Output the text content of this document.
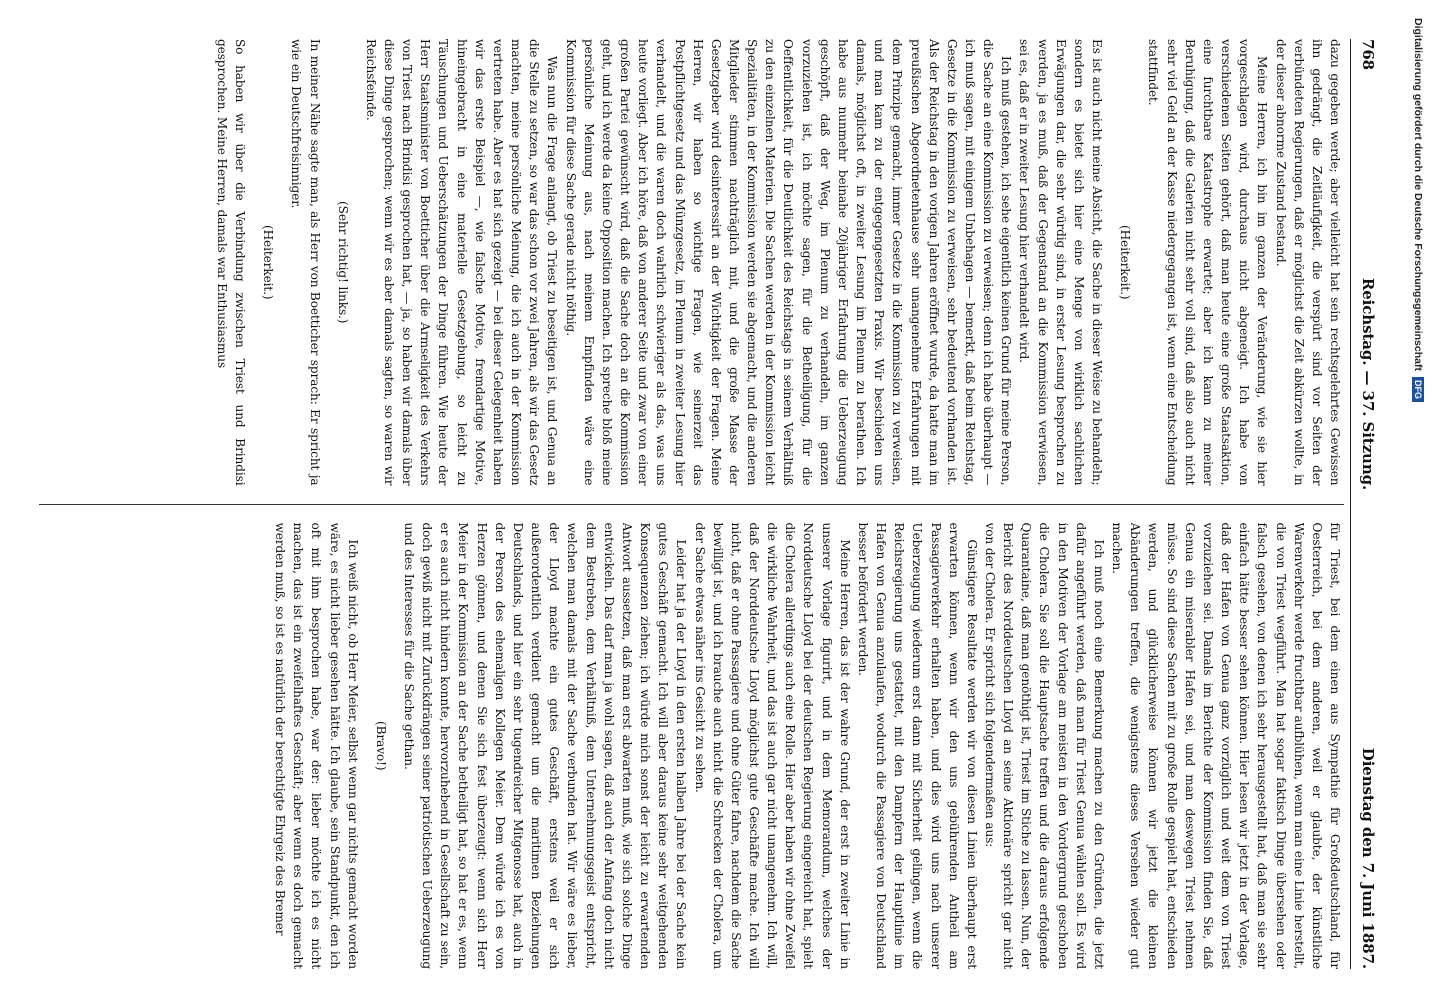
768
Reichstag. — 37. Sitzung.
Dienstag den 7. Juni 1887.

dazu gegeben werde; aber vielleicht hat sein rechtsgelehrtes Gewissen ihn gedrängt, die Zeitläufigkeit, die verspürt sind vor Seiten der verbündeten Regierungen, daß er möglichst die Zeit abkürzen wollte, in der dieser abnorme Zustand bestand.

Meine Herren, ich bin im ganzen der Veränderung, wie sie hier vorgeschlagen wird, durchaus nicht abgeneigt. Ich habe von verschiedenen Seiten gehört, daß man heute eine große Staatsaktion, eine furchtbare Katastrophe erwartet; aber ich kann zu meiner Beruhigung, daß die Galerien nicht sehr voll sind, daß also auch nicht sehr viel Geld an der Kasse niedergegangen ist, wenn eine Entscheidung stattfindet.

(Heiterkeit.)

Es ist auch nicht meine Absicht, die Sache in dieser Weise zu behandeln; sondern es bietet sich hier eine Menge von wirklich sachlichen Erwägungen dar, die sehr würdig sind, in erster Lesung besprochen zu werden, ja es muß, daß der Gegenstand an die Kommission verwiesen, sei es, daß er in zweiter Lesung hier verhandelt wird.

Ich muß gestehen, ich sehe eigentlich keinen Grund für meine Person, die Sache an eine Kommission zu verweisen; denn ich habe überhaupt — ich muß sagen, mit einigem Unbehagen — bemerkt, daß beim Reichstag, Gesetze in die Kommission zu verweisen, sehr bedeutend vorhanden ist. Als der Reichstag in den vorigen Jahren eröffnet wurde, da hatte man im preußischen Abgeordnetenhause sehr unangenehme Erfahrungen mit dem Prinzipe gemacht, immer Gesetze in die Kommission zu verweisen, und man kam zu der entgegengesetzten Praxis. Wir beschieden uns damals, möglichst oft, in zweiter Lesung im Plenum zu berathen. Ich habe aus nunmehr beinahe 20jähriger Erfahrung die Ueberzeugung geschöpft, daß der Weg, im Plenum zu verhandeln, im ganzen vorzuziehen ist, ich möchte sagen, für die Betheiligung, für die Oeffentlichkeit, für die Deutlichkeit des Reichstags in seinem Verhältniß zu den einzelnen Materien. Die Sachen werden in der Kommission leicht Spezialitäten, in der Kommission werden sie abgemacht, und die anderen Mitglieder stimmen nachträglich mit, und die große Masse der Gesetzgeber wird desinteressirt an der Wichtigkeit der Fragen. Meine Herren, wir haben so wichtige Fragen, wie seinerzeit das Postpflichtgesetz und das Münzgesetz, im Plenum in zweiter Lesung hier verhandelt, und die waren doch wahrlich schwieriger als das, was uns heute vorliegt. Aber ich höre, daß von anderer Seite und zwar von einer großen Partei gewünscht wird, daß die Sache doch an die Kommission geht, und ich werde da keine Opposition machen. Ich spreche bloß meine persönliche Meinung aus, nach meinem Empfinden wäre eine Kommission für diese Sache gerade nicht nöthig.

Was nun die Frage anlangt, ob Triest zu beseitigen ist, und Genua an die Stelle zu setzen, so war das schon vor zwei Jahren, als wir das Gesetz machten, meine persönliche Meinung, die ich auch in der Kommission vertreten habe. Aber es hat sich gezeigt — bei dieser Gelegenheit haben wir das erste Beispiel —, wie falsche Motive, fremdartige Motive, hineingebracht in eine materielle Gesetzgebung, so leicht zu Täuschungen und Ueberschätzungen der Dinge führen. Wie heute der Herr Staatsminister von Boetticher über die Armseligkeit des Verkehrs von Triest nach Brindisi gesprochen hat, — ja, so haben wir damals über diese Dinge gesprochen; wenn wir es aber damals sagten, so waren wir Reichsfeinde.

(Sehr richtig! links.)

In meiner Nähe sagte man, als Herr von Boetticher sprach: Er spricht ja wie ein Deutschfreisinniger.

(Heiterkeit.)

So haben wir über die Verbindung zwischen Triest und Brindisi gesprochen. Meine Herren, damals war Enthusiasmus

für Triest, bei dem einen aus Sympathie für Großdeutschland, für Oesterreich, bei dem anderen, weil er glaubte, der künstliche Warenverkehr werde fruchtbar aufblühen, wenn man eine Linie herstellt, die von Triest wegführt. Man hat sogar faktisch Dinge übersehen oder falsch gesehen, von denen ich sehr herausgestellt hat, daß man sie sehr einfach hätte besser sehen können. Hier lesen wir jetzt in der Vorlage, daß der Hafen von Genua ganz vorzüglich und weit dem von Triest vorzuziehen sei. Damals im Berichte der Kommission finden Sie, daß Genua ein miserabler Hafen sei, und man deswegen Triest nehmen müsse. So sind diese Sachen mit zu große Rolle gespielt hat, entschieden werden, und glücklicherweise können wir jetzt die kleinen Abänderungen treffen, die wenigstens dieses Versehen wieder gut machen.

Ich muß noch eine Bemerkung machen zu den Gründen, die jetzt dafür angeführt werden, daß man für Triest Genua wählen soll. Es wird in den Motiven der Vorlage am meisten in den Vordergrund geschoben die Cholera. Sie soll die Hauptsache treffen und die daraus erfolgende Quarantaine, daß man genöthigt ist, Triest im Stiche zu lassen. Nun, der Bericht des Norddeutschen Lloyd an seine Aktionäre spricht gar nicht von der Cholera. Er spricht sich folgendermaßen aus:

Günstigere Resultate werden wir von diesen Linien überhaupt erst erwarten können, wenn wir den uns gebührenden Antheil am Passagierverkehr erhalten haben, und dies wird uns nach unserer Ueberzeugung wiederum erst dann mit Sicherheit gelingen, wenn die Reichsregierung uns gestattet, mit den Dampfern der Hauptlinie im Hafen von Genua anzulaufen, wodurch die Passagiere von Deutschland besser befördert werden.

Meine Herren, das ist der wahre Grund, der erst in zweiter Linie in unserer Vorlage figurirt, und in dem Memorandum, welches der Norddeutsche Lloyd bei der deutschen Regierung eingereicht hat, spielt die Cholera allerdings auch eine Rolle. Hier aber haben wir ohne Zweifel die wirkliche Wahrheit, und das ist auch gar nicht unangenehm. Ich will, daß der Norddeutsche Lloyd möglichst gute Geschäfte mache. Ich will nicht, daß er ohne Passagiere und ohne Güter fahre, nachdem die Sache bewilligt ist, und ich brauche auch nicht die Schrecken der Cholera, um der Sache etwas näher ins Gesicht zu sehen.

Leider hat ja der Lloyd in den ersten halben Jahre bei der Sache kein gutes Geschäft gemacht. Ich will aber daraus keine sehr weitgehenden Konsequenzen ziehen; ich würde mich sonst der leicht zu erwartenden Antwort aussetzen, daß man erst abwarten muß, wie sich solche Dinge entwickeln. Das darf man ja wohl sagen, daß auch der Anfang doch nicht dem Bestreben, dem Verhältniß, dem Unternehmungsgeist entspricht, welchen man damals mit der Sache verbunden hat. Wir wäre es lieber, der Lloyd machte ein gutes Geschäft, erstens weil er sich außerordentlich verdient gemacht um die maritimen Beziehungen Deutschlands, und hier ein sehr tugendreicher Mitgenosse hat, auch in der Person des ehemaligen Kollegen Meier. Dem würde ich es von Herzen gönnen, und denen Sie sich fest überzeugt: wenn sich Herr Meier in der Kommission an der Sache betheiligt hat, so hat er es, wenn er es auch nicht hindern konnte, hervorzuhebend in Gesellschaft zu sein, doch gewiß nicht mit Zurückdrängen seiner patriotischen Ueberzeugung und des Interesses für die Sache gethan.

(Bravo!)

Ich weiß nicht, ob Herr Meier, selbst wenn gar nichts gemacht worden wäre, es nicht lieber gesehen hätte. Ich glaube, sein Standpunkt, den ich oft mit ihm besprochen habe, war der: lieber möchte ich es nicht machen, das ist ein zweifelhaftes Geschäft; aber wenn es doch gemacht werden muß, so ist es natürlich der berechtigte Ehrgeiz des Bremer

Digitalisierung gefördert durch die Deutsche Forschungsgemeinschaft
DFG
